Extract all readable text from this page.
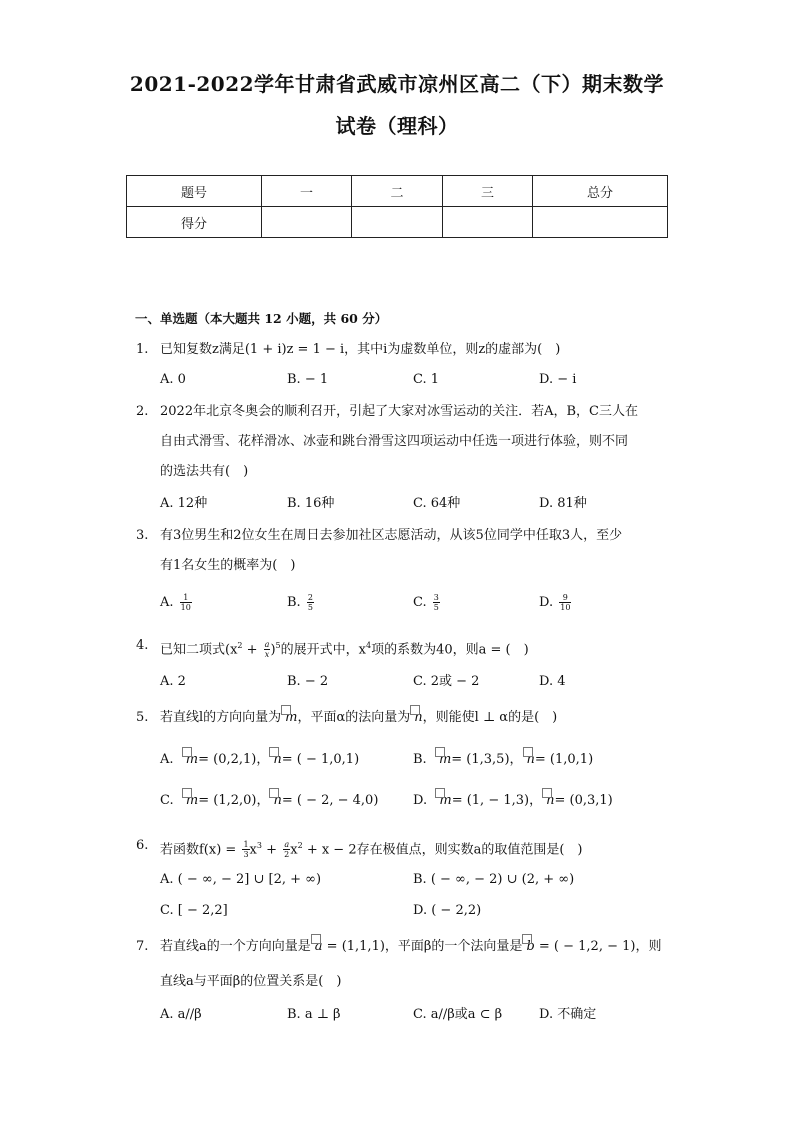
2021-2022学年甘肃省武威市凉州区高二（下）期末数学
试卷（理科）
题号	一	二	三	总分
得分				
一、单选题（本大题共 12 小题，共 60 分）
1. 已知复数z满足(1 + i)z = 1 − i，其中i为虚数单位，则z的虚部为(　)
A. 0	B. − 1	C. 1	D. − i
2. 2022年北京冬奥会的顺利召开，引起了大家对冰雪运动的关注．若A，B，C三人在
自由式滑雪、花样滑冰、冰壶和跳台滑雪这四项运动中任选一项进行体验，则不同
的选法共有(　)
A. 12种	B. 16种	C. 64种	D. 81种
3. 有3位男生和2位女生在周日去参加社区志愿活动，从该5位同学中任取3人，至少
有1名女生的概率为(　)
A. $\frac{1}{10}$	B. $\frac{2}{5}$	C. $\frac{3}{5}$	D. $\frac{9}{10}$
4. 已知二项式$(x^2 + \frac{a}{x} )^5$的展开式中，$x^4$项的系数为40，则a = (　)
A. 2	B. − 2	C. 2或 − 2	D. 4
5. 若直线l的方向向量为 m，平面α的法向量为 n，则能使l ⊥ α的是(　)
A. m= (0,2,1)， n= ( − 1,0,1)	B. m= (1,3,5)， n= (1,0,1)
C. m= (1,2,0)， n= ( − 2, − 4,0)	D. m= (1, − 1,3)， n= (0,3,1)
6. 若函数$f(x) = \frac{1}{3} x^3 + \frac{a}{2} x^2 + x - 2$存在极值点，则实数a的取值范围是(　)
A. ( − ∞, − 2] ∪ [2, + ∞)	B. ( − ∞, − 2) ∪ (2, + ∞)
C. [ − 2,2]	D. ( − 2,2)
7. 若直线a的一个方向向量是 a = (1,1,1)，平面β的一个法向量是 b = ( − 1,2, − 1)，则
直线a与平面β的位置关系是(　)
A. a//β	B. a ⊥ β	C. a//β或a ⊂ β	D. 不确定
